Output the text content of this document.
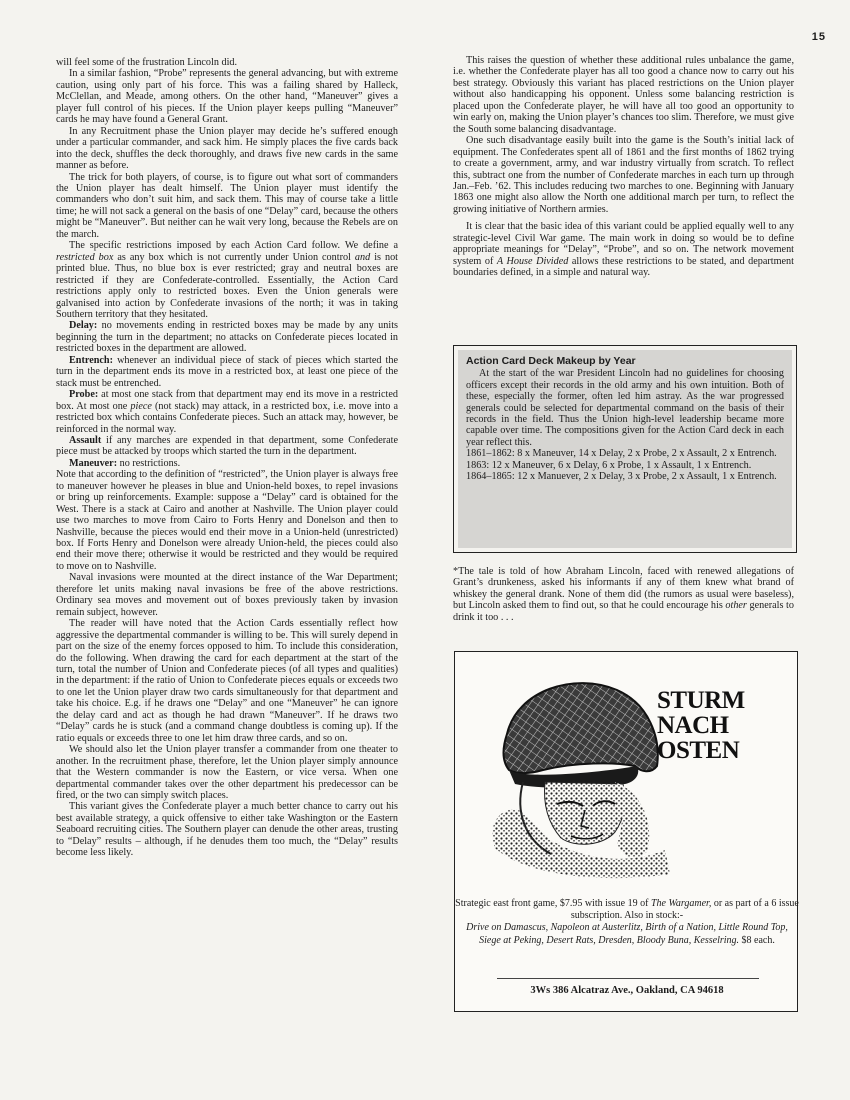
15

will feel some of the frustration Lincoln did.

In a similar fashion, “Probe” represents the general advancing, but with extreme caution, using only part of his force. This was a failing shared by Halleck, McClellan, and Meade, among others. On the other hand, “Maneuver” gives a player full control of his pieces. If the Union player keeps pulling “Maneuver” cards he may have found a General Grant.

In any Recruitment phase the Union player may decide he’s suffered enough under a particular commander, and sack him. He simply places the five cards back into the deck, shuffles the deck thoroughly, and draws five new cards in the same manner as before.

The trick for both players, of course, is to figure out what sort of commanders the Union player has dealt himself. The Union player must identify the commanders who don’t suit him, and sack them. This may of course take a little time; he will not sack a general on the basis of one “Delay” card, because the others might be “Maneuver”. But neither can he wait very long, because the Rebels are on the march.

The specific restrictions imposed by each Action Card follow. We define a restricted box as any box which is not currently under Union control and is not printed blue. Thus, no blue box is ever restricted; gray and neutral boxes are restricted if they are Confederate-controlled. Essentially, the Action Card restrictions apply only to restricted boxes. Even the Union generals were galvanised into action by Confederate invasions of the north; it was in taking Southern territory that they hesitated.

Delay: no movements ending in restricted boxes may be made by any units beginning the turn in the department; no attacks on Confederate pieces located in restricted boxes in the department are allowed.

Entrench: whenever an individual piece of stack of pieces which started the turn in the department ends its move in a restricted box, at least one piece of the stack must be entrenched.

Probe: at most one stack from that department may end its move in a restricted box. At most one piece (not stack) may attack, in a restricted box, i.e. move into a restricted box which contains Confederate pieces. Such an attack may, however, be reinforced in the normal way.

Assault if any marches are expended in that department, some Confederate piece must be attacked by troops which started the turn in the department.

Maneuver: no restrictions.

Note that according to the definition of “restricted”, the Union player is always free to maneuver however he pleases in blue and Union-held boxes, to repel invasions or bring up reinforcements. Example: suppose a “Delay” card is obtained for the West. There is a stack at Cairo and another at Nashville. The Union player could use two marches to move from Cairo to Forts Henry and Donelson and then to Nashville, because the pieces would end their move in a Union-held (unrestricted) box. If Forts Henry and Donelson were already Union-held, the pieces could also end their move there; otherwise it would be restricted and they would be required to move on to Nashville.

Naval invasions were mounted at the direct instance of the War Department; therefore let units making naval invasions be free of the above restrictions. Ordinary sea moves and movement out of boxes previously taken by invasion remain subject, however.

The reader will have noted that the Action Cards essentially reflect how aggressive the departmental commander is willing to be. This will surely depend in part on the size of the enemy forces opposed to him. To include this consideration, do the following. When drawing the card for each department at the start of the turn, total the number of Union and Confederate pieces (of all types and qualities) in the department: if the ratio of Union to Confederate pieces equals or exceeds two to one let the Union player draw two cards simultaneously for that department and take his choice. E.g. if he draws one “Delay” and one “Maneuver” he can ignore the delay card and act as though he had drawn “Maneuver”. If he draws two “Delay” cards he is stuck (and a command change doubtless is coming up). If the ratio equals or exceeds three to one let him draw three cards, and so on.

We should also let the Union player transfer a commander from one theater to another. In the recruitment phase, therefore, let the Union player simply announce that the Western commander is now the Eastern, or vice versa. When one departmental commander takes over the other department his predecessor can be fired, or the two can simply switch places.

This variant gives the Confederate player a much better chance to carry out his best available strategy, a quick offensive to either take Washington or the Eastern Seaboard recruiting cities. The Southern player can denude the other areas, trusting to “Delay” results – although, if he denudes them too much, the “Delay” results become less likely.

This raises the question of whether these additional rules unbalance the game, i.e. whether the Confederate player has all too good a chance now to carry out his best strategy. Obviously this variant has placed restrictions on the Union player without also handicapping his opponent. Unless some balancing restriction is placed upon the Confederate player, he will have all too good an opportunity to win early on, making the Union player’s chances too slim. Therefore, we must give the South some balancing disadvantage.

One such disadvantage easily built into the game is the South’s initial lack of equipment. The Confederates spent all of 1861 and the first months of 1862 trying to create a government, army, and war industry virtually from scratch. To reflect this, subtract one from the number of Confederate marches in each turn up through Jan.–Feb. ’62. This includes reducing two marches to one. Beginning with January 1863 one might also allow the North one additional march per turn, to reflect the growing initiative of Northern armies.

It is clear that the basic idea of this variant could be applied equally well to any strategic-level Civil War game. The main work in doing so would be to define appropriate meanings for “Delay”, “Probe”, and so on. The network movement system of A House Divided allows these restrictions to be stated, and department boundaries defined, in a simple and natural way.

Action Card Deck Makeup by Year

At the start of the war President Lincoln had no guidelines for choosing officers except their records in the old army and his own intuition. Both of these, especially the former, often led him astray. As the war progressed generals could be selected for departmental command on the basis of their records in the field. Thus the Union high-level leadership became more capable over time. The compositions given for the Action Card deck in each year reflect this.

1861–1862: 8 x Maneuver, 14 x Delay, 2 x Probe, 2 x Assault, 2 x Entrench.

1863: 12 x Maneuver, 6 x Delay, 6 x Probe, 1 x Assault, 1 x Entrench.

1864–1865: 12 x Manuever, 2 x Delay, 3 x Probe, 2 x Assault, 1 x Entrench.

*The tale is told of how Abraham Lincoln, faced with renewed allegations of Grant’s drunkeness, asked his informants if any of them knew what brand of whiskey the general drank. None of them did (the rumors as usual were baseless), but Lincoln asked them to find out, so that he could encourage his other generals to drink it too . . .

STURM
NACH
OSTEN
Strategic east front game, $7.95 with issue 19 of The Wargamer, or as part of a 6 issue subscription. Also in stock:-
Drive on Damascus, Napoleon at Austerlitz, Birth of a Nation, Little Round Top, Siege at Peking, Desert Rats, Dresden, Bloody Buna, Kesselring. $8 each.
3Ws 386 Alcatraz Ave., Oakland, CA 94618
